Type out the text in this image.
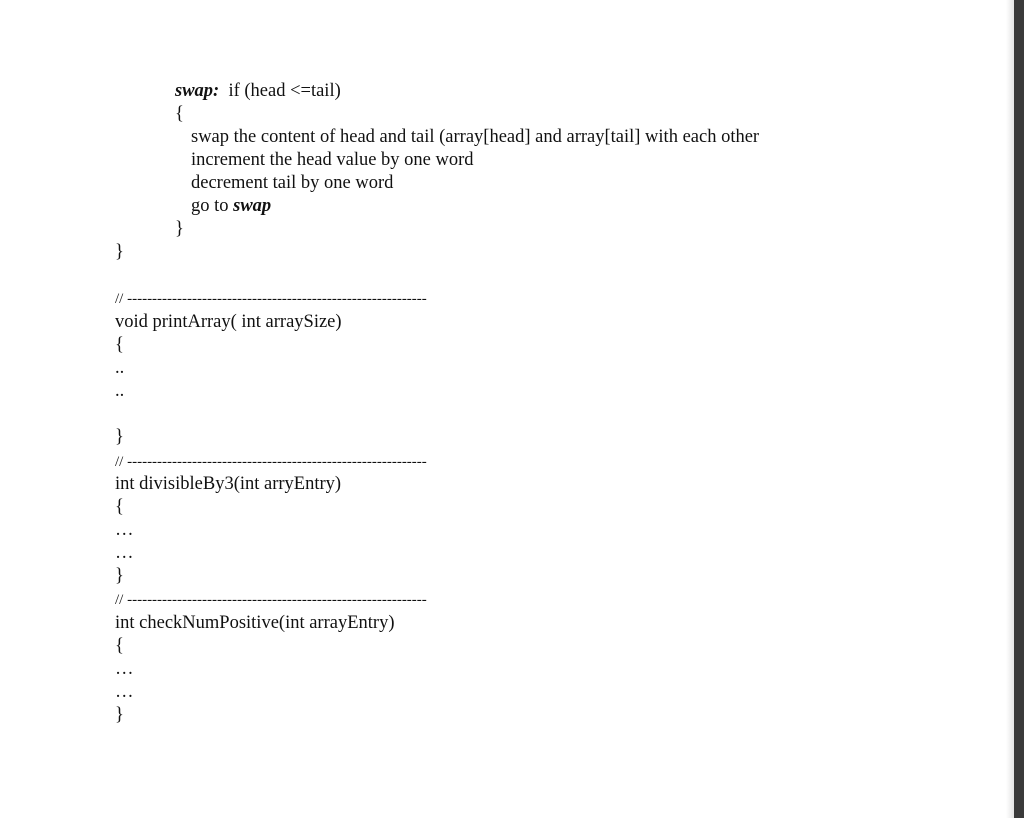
swap: if (head <=tail)
{
swap the content of head and tail (array[head] and array[tail] with each other
increment the head value by one word
decrement tail by one word
go to swap
}
}
// ------------------------------------------------------------
void printArray( int arraySize)
{
..
..
}
// ------------------------------------------------------------
int divisibleBy3(int arryEntry)
{
…
…
}
// ------------------------------------------------------------
int checkNumPositive(int arrayEntry)
{
…
…
}
